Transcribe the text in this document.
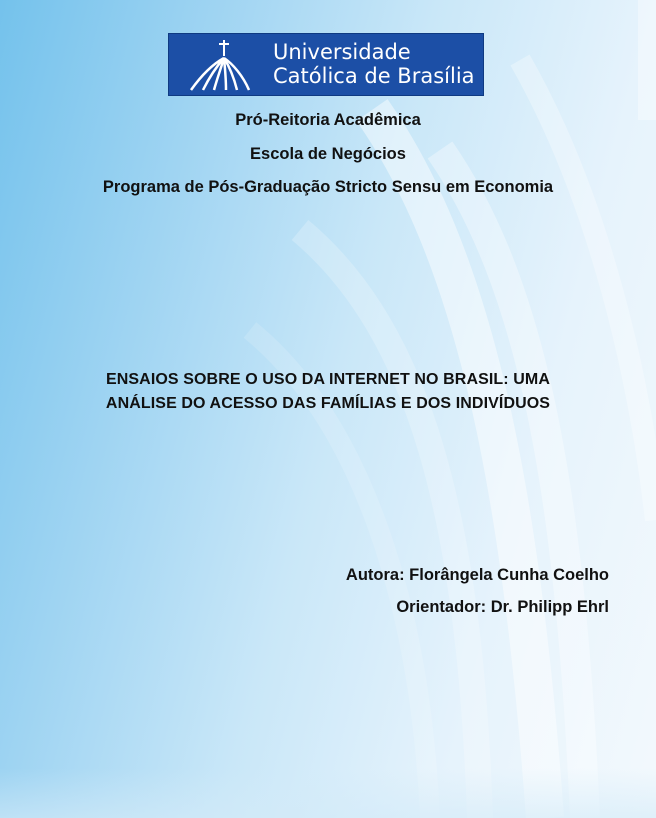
Universidade
Católica de Brasília
Pró-Reitoria Acadêmica
Escola de Negócios
Programa de Pós-Graduação Stricto Sensu em Economia
ENSAIOS SOBRE O USO DA INTERNET NO BRASIL: UMA
ANÁLISE DO ACESSO DAS FAMÍLIAS E DOS INDIVÍDUOS
Autora: Florângela Cunha Coelho
Orientador: Dr. Philipp Ehrl
